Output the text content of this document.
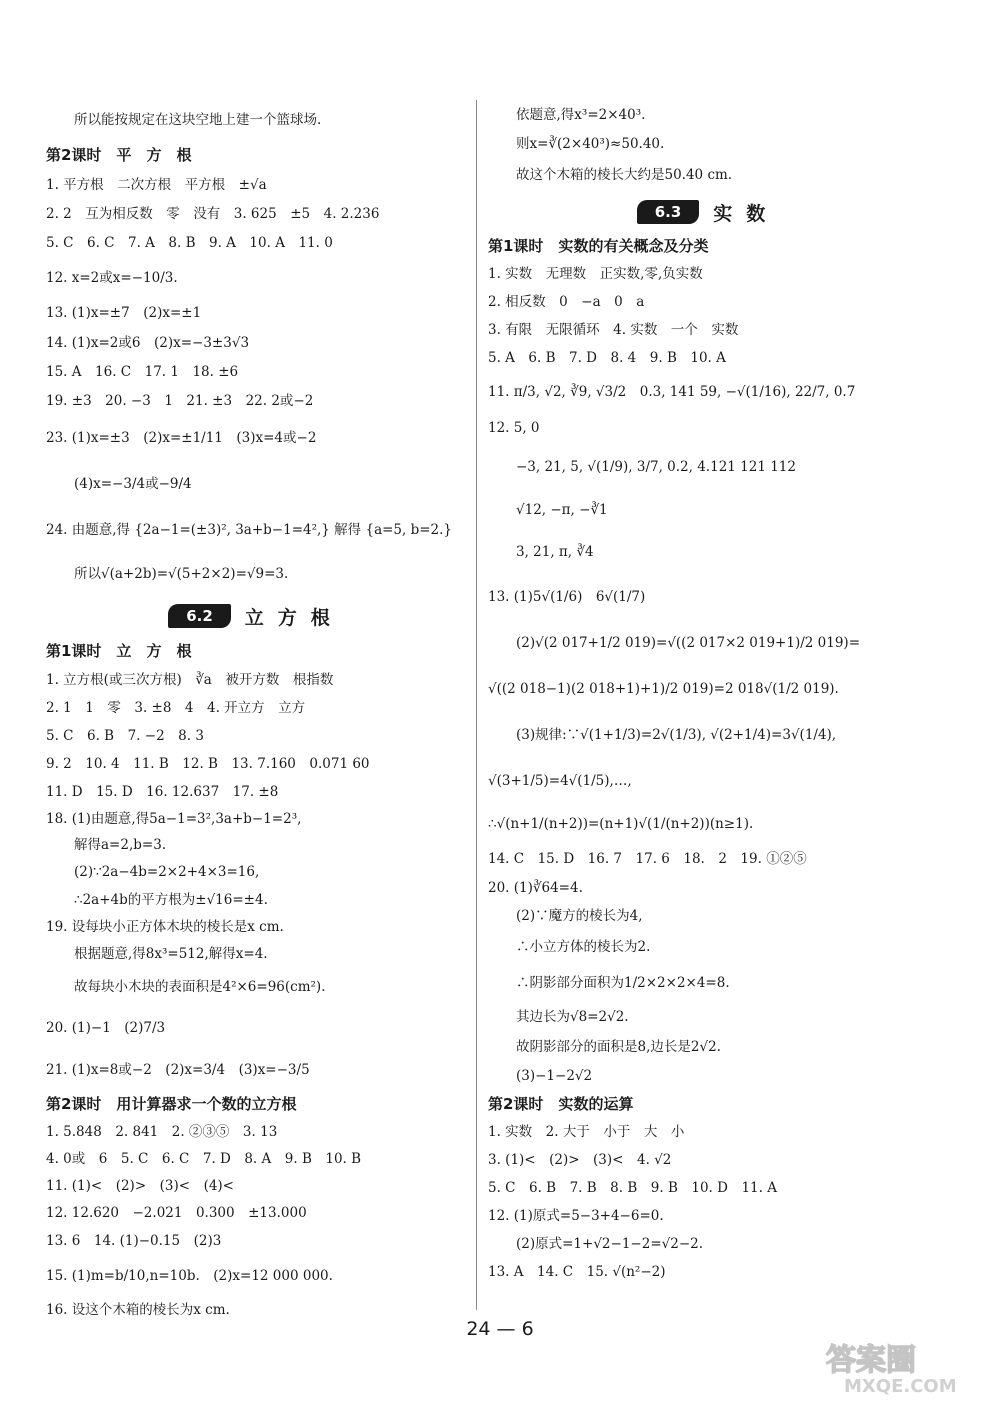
所以能按规定在这块空地上建一个篮球场.
第2课时　平　方　根
1. 平方根　二次方根　平方根　±√a
2. 2　互为相反数　零　没有　3. 625　±5　4. 2.236
5. C　6. C　7. A　8. B　9. A　10. A　11. 0
12. x=2或x=−10/3.
13. (1)x=±7　(2)x=±1
14. (1)x=2或6　(2)x=−3±3√3
15. A　16. C　17. 1　18. ±6
19. ±3　20. −3　1　21. ±3　22. 2或−2
23. (1)x=±3　(2)x=±1/11　(3)x=4或−2
(4)x=−3/4或−9/4
24. 由题意,得 {2a−1=(±3)², 3a+b−1=4²,} 解得 {a=5, b=2.}
所以√(a+2b)=√(5+2×2)=√9=3.
6.2	立方根
第1课时　立　方　根
1. 立方根(或三次方根)　∛a　被开方数　根指数
2. 1　1　零　3. ±8　4　4. 开立方　立方
5. C　6. B　7. −2　8. 3
9. 2　10. 4　11. B　12. B　13. 7.160　0.071 60
11. D　15. D　16. 12.637　17. ±8
18. (1)由题意,得5a−1=3²,3a+b−1=2³,
解得a=2,b=3.
(2)∵2a−4b=2×2+4×3=16,
∴2a+4b的平方根为±√16=±4.
19. 设每块小正方体木块的棱长是x cm.
根据题意,得8x³=512,解得x=4.
故每块小木块的表面积是4²×6=96(cm²).
20. (1)−1　(2)7/3
21. (1)x=8或−2　(2)x=3/4　(3)x=−3/5
第2课时　用计算器求一个数的立方根
1. 5.848　2. 841　2. ②③⑤　3. 13
4. 0或　6　5. C　6. C　7. D　8. A　9. B　10. B
11. (1)<　(2)>　(3)<　(4)<
12. 12.620　−2.021　0.300　±13.000
13. 6　14. (1)−0.15　(2)3
15. (1)m=b/10,n=10b.　(2)x=12 000 000.
16. 设这个木箱的棱长为x cm.
依题意,得x³=2×40³.
则x=∛(2×40³)≈50.40.
故这个木箱的棱长大约是50.40 cm.
6.3	实数
第1课时　实数的有关概念及分类
1. 实数　无理数　正实数,零,负实数
2. 相反数　0　−a　0　a
3. 有限　无限循环　4. 实数　一个　实数
5. A　6. B　7. D　8. 4　9. B　10. A
11. π/3, √2, ∛9, √3/2　0.3, 141 59, −√(1/16), 22/7, 0.7̇
12. 5, 0
−3, 21, 5, √(1/9), 3/7, 0.2, 4̇.121 121 112
√12, −π, −∛1
3, 21, π, ∛4
13. (1)5√(1/6)　6√(1/7)
(2)√(2 017+1/2 019)=√((2 017×2 019+1)/2 019)=
√((2 018−1)(2 018+1)+1)/2 019)=2 018√(1/2 019).
(3)规律:∵√(1+1/3)=2√(1/3), √(2+1/4)=3√(1/4),
√(3+1/5)=4√(1/5),…,
∴√(n+1/(n+2))=(n+1)√(1/(n+2))(n≥1).
14. C　15. D　16. 7　17. 6　18.　2　19. ①②⑤
20. (1)∛64=4.
(2)∵魔方的棱长为4,
∴小立方体的棱长为2.
∴阴影部分面积为1/2×2×2×4=8.
其边长为√8=2√2.
故阴影部分的面积是8,边长是2√2.
(3)−1−2√2
第2课时　实数的运算
1. 实数　2. 大于　小于　大　小
3. (1)<　(2)>　(3)<　4. √2
5. C　6. B　7. B　8. B　9. B　10. D　11. A
12. (1)原式=5−3+4−6=0.
(2)原式=1+√2−1−2=√2−2.
13. A　14. C　15. √(n²−2)
24 — 6
答案圈
MXQE.COM
